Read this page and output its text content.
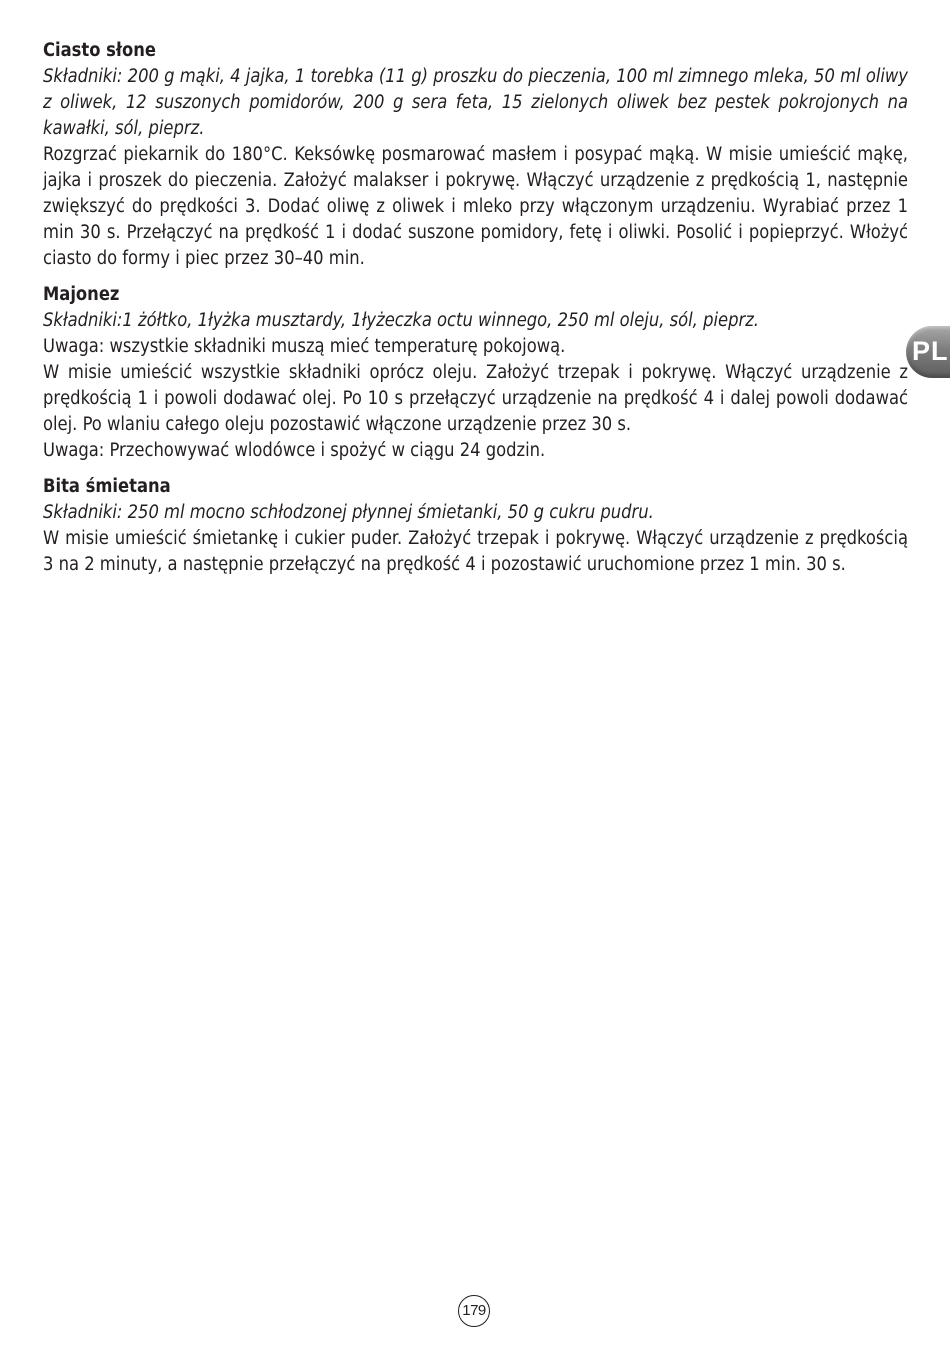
Ciasto słone

Składniki: 200 g mąki, 4 jajka, 1 torebka (11 g) proszku do pieczenia, 100 ml zimnego mleka, 50 ml oliwy z oliwek, 12 suszonych pomidorów, 200 g sera feta, 15 zielonych oliwek bez pestek pokrojonych na kawałki, sól, pieprz.

Rozgrzać piekarnik do 180°C. Keksówkę posmarować masłem i posypać mąką. W misie umieścić mąkę, jajka i proszek do pieczenia. Założyć malakser i pokrywę. Włączyć urządzenie z prędkością 1, następnie zwiększyć do prędkości 3. Dodać oliwę z oliwek i mleko przy włączonym urządzeniu. Wyrabiać przez 1 min 30 s. Przełączyć na prędkość 1 i dodać suszone pomidory, fetę i oliwki. Posolić i popieprzyć. Włożyć ciasto do formy i piec przez 30–40 min.

Majonez

Składniki:1 żółtko, 1łyżka musztardy, 1łyżeczka octu winnego, 250 ml oleju, sól, pieprz.

Uwaga: wszystkie składniki muszą mieć temperaturę pokojową.

W misie umieścić wszystkie składniki oprócz oleju. Założyć trzepak i pokrywę. Włączyć urządzenie z prędkością 1 i powoli dodawać olej. Po 10 s przełączyć urządzenie na prędkość 4 i dalej powoli dodawać olej. Po wlaniu całego oleju pozostawić włączone urządzenie przez 30 s.

Uwaga: Przechowywać wlodówce i spożyć w ciągu 24 godzin.

Bita śmietana

Składniki: 250 ml mocno schłodzonej płynnej śmietanki, 50 g cukru pudru.

W misie umieścić śmietankę i cukier puder. Założyć trzepak i pokrywę. Włączyć urządzenie z prędkością 3 na 2 minuty, a następnie przełączyć na prędkość 4 i pozostawić uruchomione przez 1 min. 30 s.

PL
179
